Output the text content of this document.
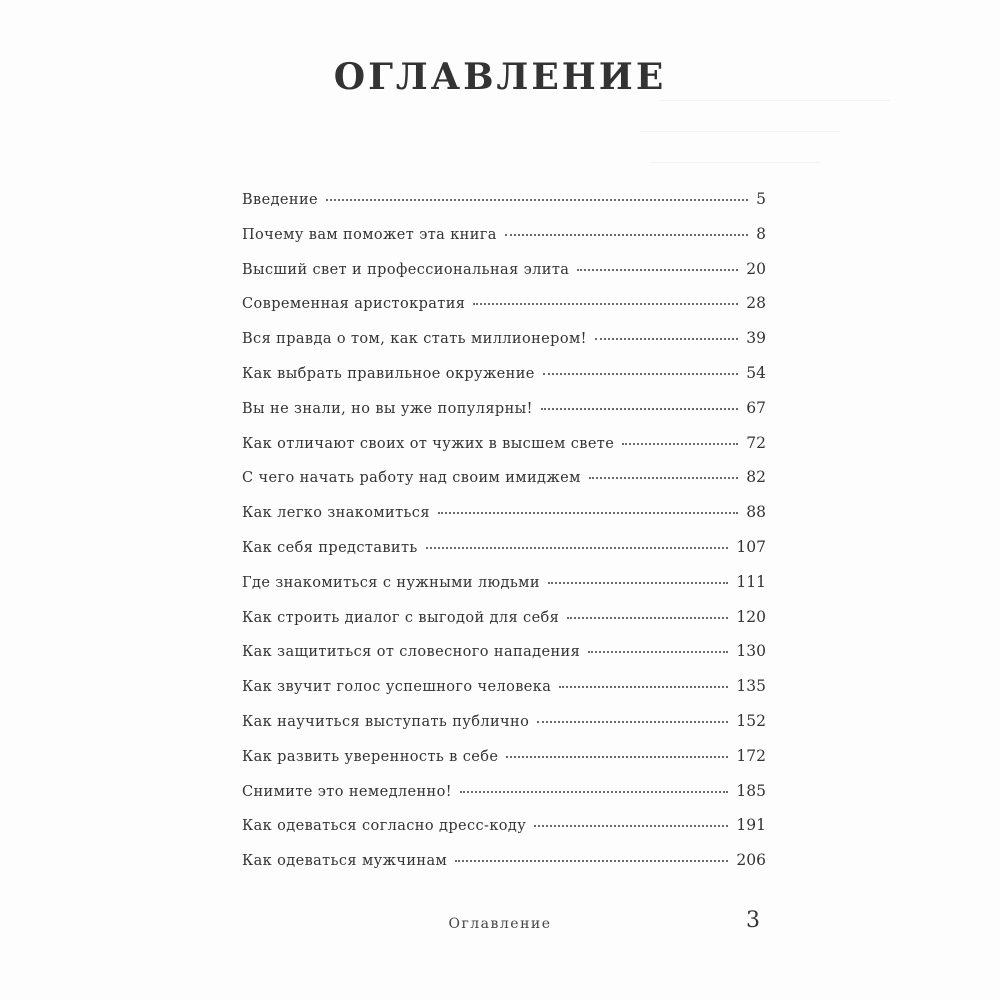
ОГЛАВЛЕНИЕ
Введение	5
Почему вам поможет эта книга	8
Высший свет и профессиональная элита	20
Современная аристократия	28
Вся правда о том, как стать миллионером!	39
Как выбрать правильное окружение	54
Вы не знали, но вы уже популярны!	67
Как отличают своих от чужих в высшем свете	72
С чего начать работу над своим имиджем	82
Как легко знакомиться	88
Как себя представить	107
Где знакомиться с нужными людьми	111
Как строить диалог с выгодой для себя	120
Как защититься от словесного нападения	130
Как звучит голос успешного человека	135
Как научиться выступать публично	152
Как развить уверенность в себе	172
Снимите это немедленно!	185
Как одеваться согласно дресс-коду	191
Как одеваться мужчинам	206
Оглавление	3
